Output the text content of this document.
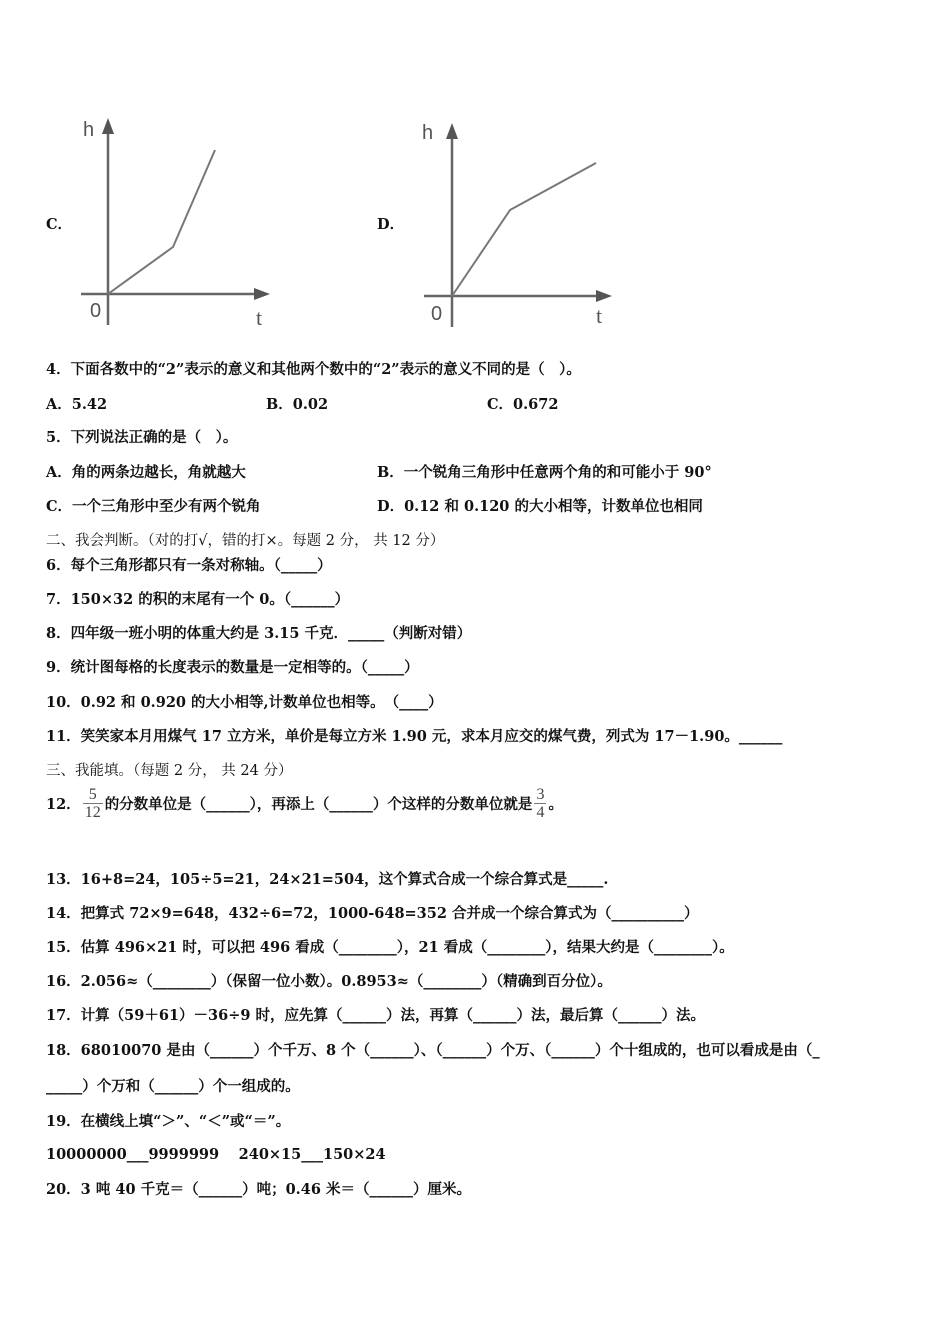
C．
h
t
0
D．
h
t
0
4．下面各数中的“2”表示的意义和其他两个数中的“2”表示的意义不同的是（　）。
A．5.42	B．0.02	C．0.672
5．下列说法正确的是（　）。
A．角的两条边越长，角就越大	B．一个锐角三角形中任意两个角的和可能小于 90°
C．一个三角形中至少有两个锐角	D．0.12 和 0.120 的大小相等，计数单位也相同
二、我会判断。（对的打√，错的打×。每题 2 分， 共 12 分）
6．每个三角形都只有一条对称轴。（_____）
7．150×32 的积的末尾有一个 0。（______）
8．四年级一班小明的体重大约是 3.15 千克．_____（判断对错）
9．统计图每格的长度表示的数量是一定相等的。（_____）
10．0.92 和 0.920 的大小相等,计数单位也相等。　（____）
11．笑笑家本月用煤气 17 立方米，单价是每立方米 1.90 元，求本月应交的煤气费，列式为 17－1.90。______
三、我能填。（每题 2 分， 共 24 分）
12． $\frac{5}{12}$ 的分数单位是（______），再添上（______）个这样的分数单位就是 $\frac{3}{4}$ 。
13．16+8=24，105÷5=21，24×21=504，这个算式合成一个综合算式是_____.
14．把算式 72×9=648，432÷6=72，1000-648=352 合并成一个综合算式为（__________）
15．估算 496×21 时，可以把 496 看成（________），21 看成（________），结果大约是（________）。
16．2.056≈（________）（保留一位小数）。0.8953≈（________）（精确到百分位）。
17．计算（59＋61）－36÷9 时，应先算（______）法，再算（______）法，最后算（______）法。
18．68010070 是由（______）个千万、8 个（______）、（______）个万、（______）个十组成的，也可以看成是由（_
_____）个万和（______）个一组成的。
19．在横线上填“＞”、“＜”或“＝”。
10000000___9999999　 240×15___150×24
20．3 吨 40 千克＝（______）吨；0.46 米＝（______）厘米。
